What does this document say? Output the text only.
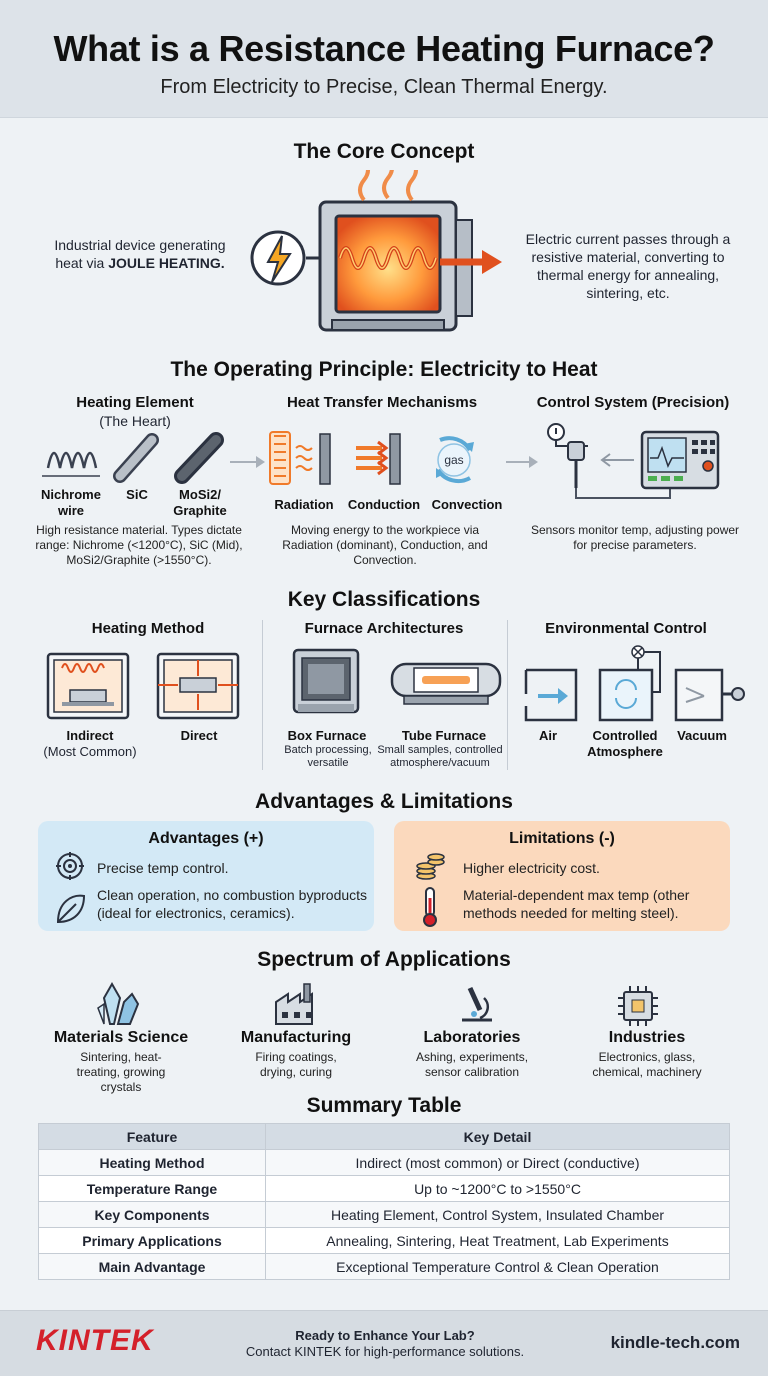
What is a Resistance Heating Furnace?
From Electricity to Precise, Clean Thermal Energy.
The Core Concept
Industrial device generating heat via JOULE HEATING.
Electric current passes through a resistive material, converting to thermal energy for annealing, sintering, etc.
The Operating Principle: Electricity to Heat
Heating Element
(The Heart)
Nichrome wire
SiC	MoSi2/ Graphite
High resistance material. Types dictate range: Nichrome (<1200°C), SiC (Mid), MoSi2/Graphite (>1550°C).
Heat Transfer Mechanisms
gas
Radiation	Conduction Convection
Moving energy to the workpiece via Radiation (dominant), Conduction, and Convection.
Control System (Precision)
Sensors monitor temp, adjusting power for precise parameters.
Key Classifications
Heating Method
Indirect
(Most Common)
Direct
Furnace Architectures
Box Furnace
Batch processing, versatile
Tube Furnace
Small samples, controlled atmosphere/vacuum
Environmental Control
Air	Controlled Atmosphere
Vacuum
Advantages & Limitations
Advantages (+)
Precise temp control.
Clean operation, no combustion byproducts (ideal for electronics, ceramics).
Limitations (-)
Higher electricity cost.
Material-dependent max temp (other methods needed for melting steel).
Spectrum of Applications
Materials Science
Sintering, heat-treating, growing crystals
Manufacturing
Firing coatings, drying, curing
Laboratories
Ashing, experiments, sensor calibration
Industries
Electronics, glass, chemical, machinery
Summary Table
Feature	Key Detail
Heating Method	Indirect (most common) or Direct (conductive)
Temperature Range	Up to ~1200°C to >1550°C
Key Components	Heating Element, Control System, Insulated Chamber
Primary Applications	Annealing, Sintering, Heat Treatment, Lab Experiments
Main Advantage	Exceptional Temperature Control & Clean Operation
KINTEK	Ready to Enhance Your Lab?
Contact KINTEK for high-performance solutions.	kindle-tech.com
